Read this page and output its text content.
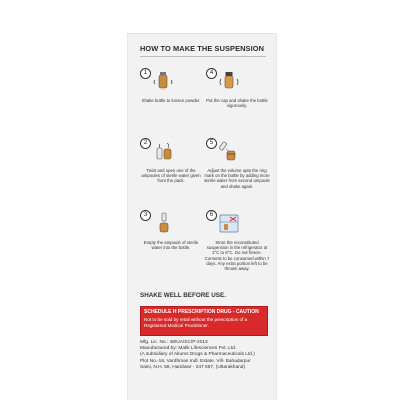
HOW TO MAKE THE SUSPENSION
1
Shake bottle to loosen powder.
4
Put the cap and shake the bottle vigorously.
2
Twist and open one of the ampoules of sterile water given from the pack.
5
Adjust the volume upto the ring mark on the bottle by adding more sterile water from second ampoule and shake again.
3
Empty the ampoule of sterile water into the bottle.
6
Store the reconstituted suspension in the refrigerator at 2°C to 8°C. Do not freeze. Contents to be consumed within 7 days. Any extra portion left to be thrown away.
SHAKE WELL BEFORE USE.
SCHEDULE H PRESCRIPTION DRUG - CAUTION
Not to be sold by retail without the prescription of a Registered Medical Practitioner.
Mfg. Lic. No.: 48/UA/SC/P-2013
Manufactured by: Malik Lifesciences Pvt. Ltd.
(A subsidiary of Akums Drugs & Pharmaceuticals Ltd.)
Plot No.-16, Vardhman Indl. Estate, Vill- Bahadarpur
Saini, N.H. 58, Haridwar - 247 667, (Uttarakhand)
